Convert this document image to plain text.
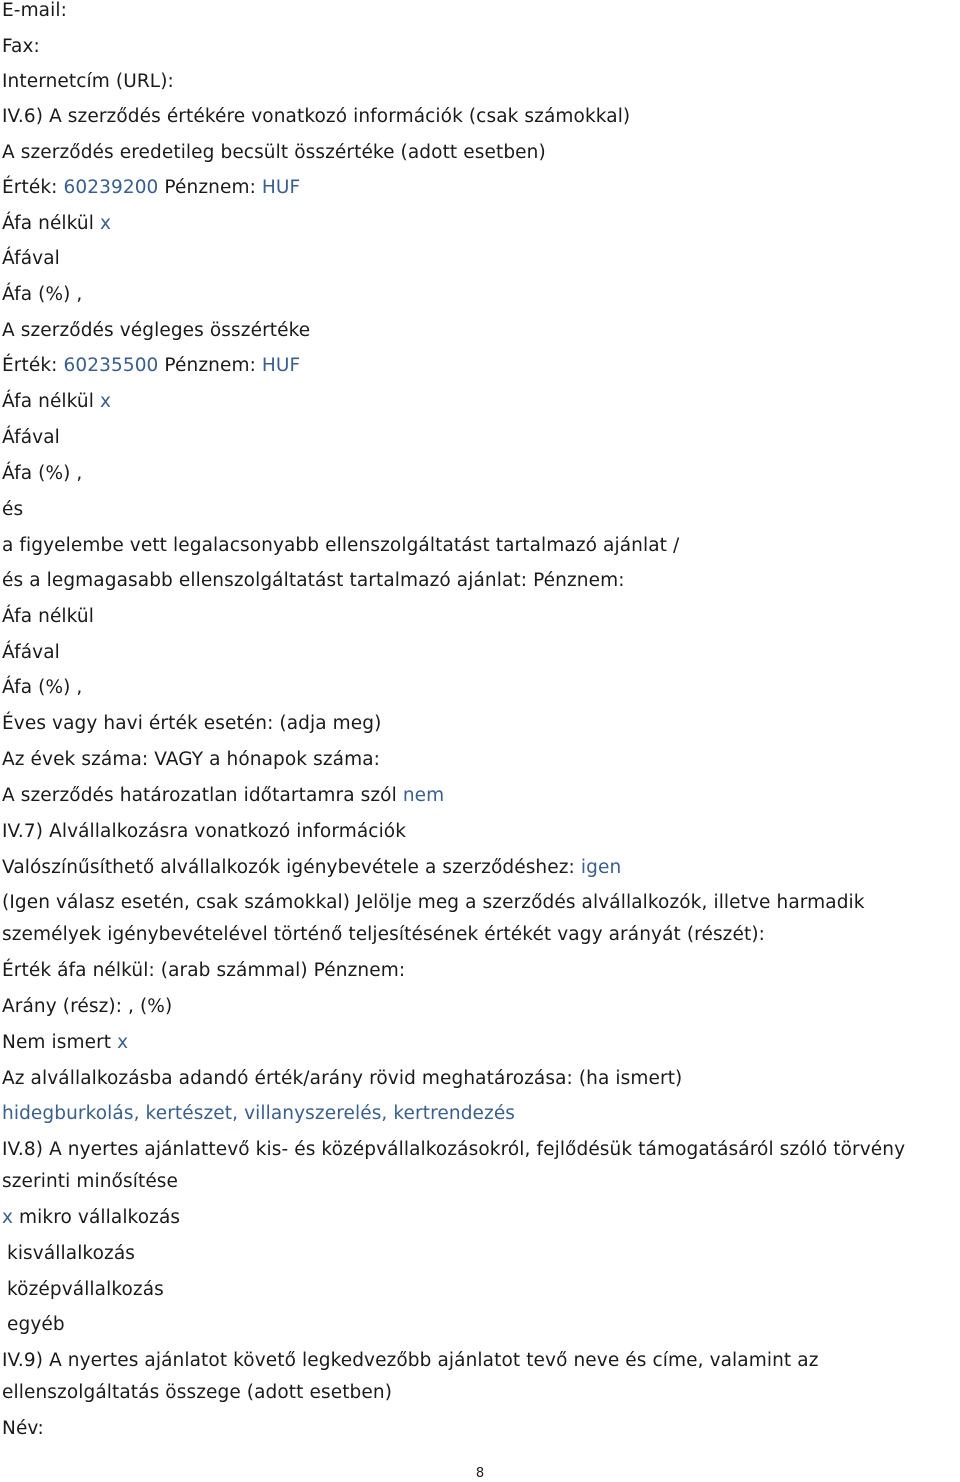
E-mail:
Fax:
Internetcím (URL):
IV.6) A szerződés értékére vonatkozó információk (csak számokkal)
A szerződés eredetileg becsült összértéke (adott esetben)
Érték: 60239200 Pénznem: HUF
Áfa nélkül x
Áfával
Áfa (%) ,
A szerződés végleges összértéke
Érték: 60235500 Pénznem: HUF
Áfa nélkül x
Áfával
Áfa (%) ,
és
a figyelembe vett legalacsonyabb ellenszolgáltatást tartalmazó ajánlat /
és a legmagasabb ellenszolgáltatást tartalmazó ajánlat: Pénznem:
Áfa nélkül
Áfával
Áfa (%) ,
Éves vagy havi érték esetén: (adja meg)
Az évek száma: VAGY a hónapok száma:
A szerződés határozatlan időtartamra szól nem
IV.7) Alvállalkozásra vonatkozó információk
Valószínűsíthető alvállalkozók igénybevétele a szerződéshez: igen
(Igen válasz esetén, csak számokkal) Jelölje meg a szerződés alvállalkozók, illetve harmadik
személyek igénybevételével történő teljesítésének értékét vagy arányát (részét):
Érték áfa nélkül: (arab számmal) Pénznem:
Arány (rész): , (%)
Nem ismert x
Az alvállalkozásba adandó érték/arány rövid meghatározása: (ha ismert)
hidegburkolás, kertészet, villanyszerelés, kertrendezés
IV.8) A nyertes ajánlattevő kis- és középvállalkozásokról, fejlődésük támogatásáról szóló törvény
szerinti minősítése
x mikro vállalkozás
kisvállalkozás
középvállalkozás
egyéb
IV.9) A nyertes ajánlatot követő legkedvezőbb ajánlatot tevő neve és címe, valamint az
ellenszolgáltatás összege (adott esetben)
Név:
8
